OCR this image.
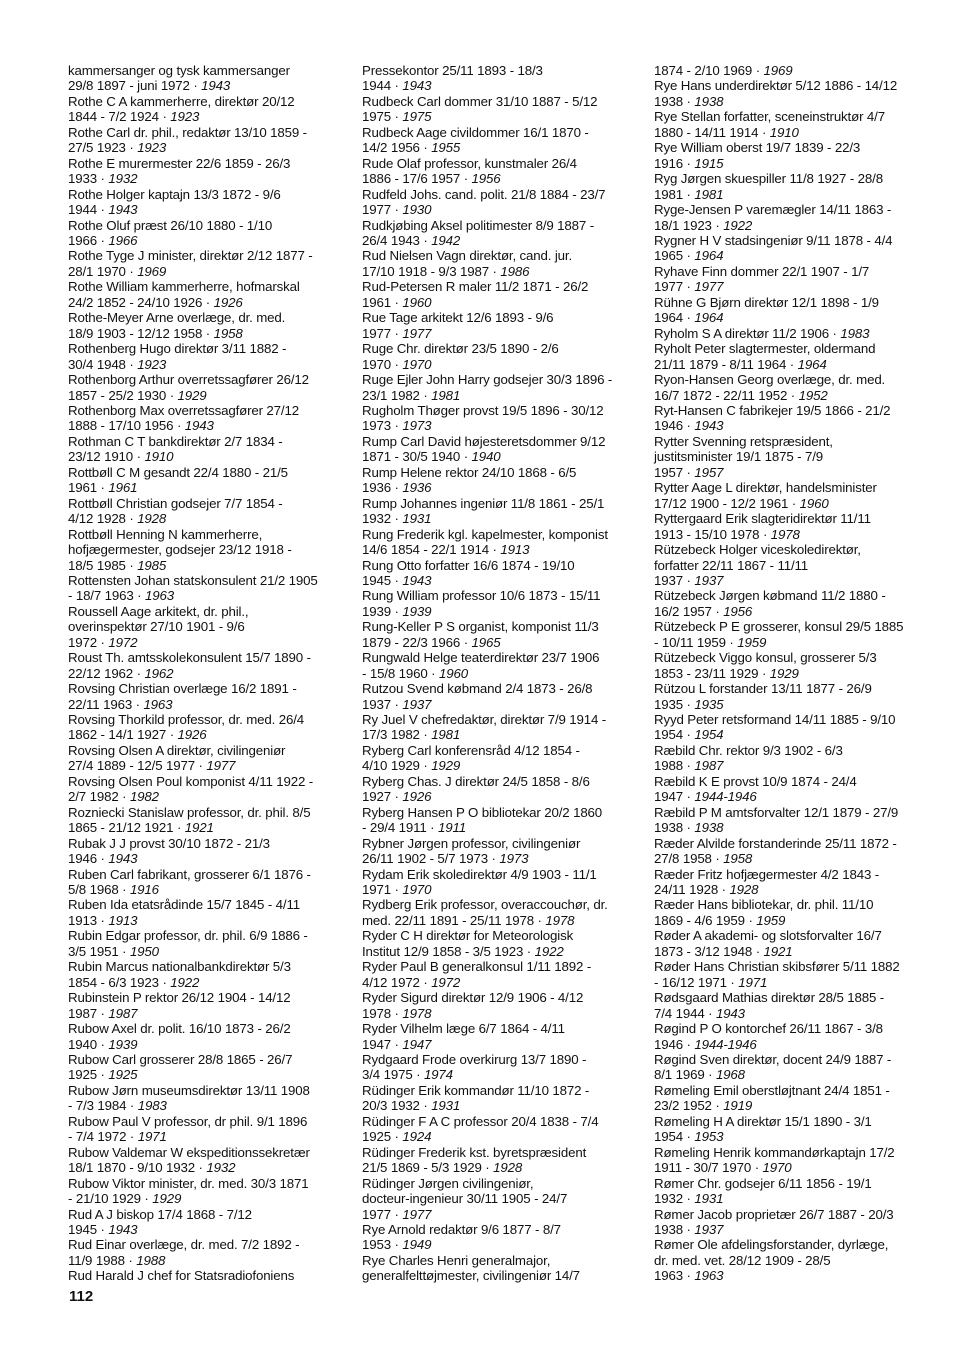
kammersanger og tysk kammersanger
29/8 1897 - juni 1972 · 1943
Rothe C A kammerherre, direktør 20/12
1844 - 7/2 1924 · 1923
Rothe Carl dr. phil., redaktør 13/10 1859 -
27/5 1923 · 1923
Rothe E murermester 22/6 1859 - 26/3
1933 · 1932
Rothe Holger kaptajn 13/3 1872 - 9/6
1944 · 1943
Rothe Oluf præst 26/10 1880 - 1/10
1966 · 1966
Rothe Tyge J minister, direktør 2/12 1877 -
28/1 1970 · 1969
Rothe William kammerherre, hofmarskal
24/2 1852 - 24/10 1926 · 1926
Rothe-Meyer Arne overlæge, dr. med.
18/9 1903 - 12/12 1958 · 1958
Rothenberg Hugo direktør 3/11 1882 -
30/4 1948 · 1923
Rothenborg Arthur overretssagfører 26/12
1857 - 25/2 1930 · 1929
Rothenborg Max overretssagfører 27/12
1888 - 17/10 1956 · 1943
Rothman C T bankdirektør 2/7 1834 -
23/12 1910 · 1910
Rottbøll C M gesandt 22/4 1880 - 21/5
1961 · 1961
Rottbøll Christian godsejer 7/7 1854 -
4/12 1928 · 1928
Rottbøll Henning N kammerherre,
hofjægermester, godsejer 23/12 1918 -
18/5 1985 · 1985
Rottensten Johan statskonsulent 21/2 1905
- 18/7 1963 · 1963
Roussell Aage arkitekt, dr. phil.,
overinspektør 27/10 1901 - 9/6
1972 · 1972
Roust Th. amtsskolekonsulent 15/7 1890 -
22/12 1962 · 1962
Rovsing Christian overlæge 16/2 1891 -
22/11 1963 · 1963
Rovsing Thorkild professor, dr. med. 26/4
1862 - 14/1 1927 · 1926
Rovsing Olsen A direktør, civilingeniør
27/4 1889 - 12/5 1977 · 1977
Rovsing Olsen Poul komponist 4/11 1922 -
2/7 1982 · 1982
Rozniecki Stanislaw professor, dr. phil. 8/5
1865 - 21/12 1921 · 1921
Rubak J J provst 30/10 1872 - 21/3
1946 · 1943
Ruben Carl fabrikant, grosserer 6/1 1876 -
5/8 1968 · 1916
Ruben Ida etatsrådinde 15/7 1845 - 4/11
1913 · 1913
Rubin Edgar professor, dr. phil. 6/9 1886 -
3/5 1951 · 1950
Rubin Marcus nationalbankdirektør 5/3
1854 - 6/3 1923 · 1922
Rubinstein P rektor 26/12 1904 - 14/12
1987 · 1987
Rubow Axel dr. polit. 16/10 1873 - 26/2
1940 · 1939
Rubow Carl grosserer 28/8 1865 - 26/7
1925 · 1925
Rubow Jørn museumsdirektør 13/11 1908
- 7/3 1984 · 1983
Rubow Paul V professor, dr phil. 9/1 1896
- 7/4 1972 · 1971
Rubow Valdemar W ekspeditionssekretær
18/1 1870 - 9/10 1932 · 1932
Rubow Viktor minister, dr. med. 30/3 1871
- 21/10 1929 · 1929
Rud A J biskop 17/4 1868 - 7/12
1945 · 1943
Rud Einar overlæge, dr. med. 7/2 1892 -
11/9 1988 · 1988
Rud Harald J chef for Statsradiofoniens
Pressekontor 25/11 1893 - 18/3
1944 · 1943
Rudbeck Carl dommer 31/10 1887 - 5/12
1975 · 1975
Rudbeck Aage civildommer 16/1 1870 -
14/2 1956 · 1955
Rude Olaf professor, kunstmaler 26/4
1886 - 17/6 1957 · 1956
Rudfeld Johs. cand. polit. 21/8 1884 - 23/7
1977 · 1930
Rudkjøbing Aksel politimester 8/9 1887 -
26/4 1943 · 1942
Rud Nielsen Vagn direktør, cand. jur.
17/10 1918 - 9/3 1987 · 1986
Rud-Petersen R maler 11/2 1871 - 26/2
1961 · 1960
Rue Tage arkitekt 12/6 1893 - 9/6
1977 · 1977
Ruge Chr. direktør 23/5 1890 - 2/6
1970 · 1970
Ruge Ejler John Harry godsejer 30/3 1896 -
23/1 1982 · 1981
Rugholm Thøger provst 19/5 1896 - 30/12
1973 · 1973
Rump Carl David højesteretsdommer 9/12
1871 - 30/5 1940 · 1940
Rump Helene rektor 24/10 1868 - 6/5
1936 · 1936
Rump Johannes ingeniør 11/8 1861 - 25/1
1932 · 1931
Rung Frederik kgl. kapelmester, komponist
14/6 1854 - 22/1 1914 · 1913
Rung Otto forfatter 16/6 1874 - 19/10
1945 · 1943
Rung William professor 10/6 1873 - 15/11
1939 · 1939
Rung-Keller P S organist, komponist 11/3
1879 - 22/3 1966 · 1965
Rungwald Helge teaterdirektør 23/7 1906
- 15/8 1960 · 1960
Rutzou Svend købmand 2/4 1873 - 26/8
1937 · 1937
Ry Juel V chefredaktør, direktør 7/9 1914 -
17/3 1982 · 1981
Ryberg Carl konferensråd 4/12 1854 -
4/10 1929 · 1929
Ryberg Chas. J direktør 24/5 1858 - 8/6
1927 · 1926
Ryberg Hansen P O bibliotekar 20/2 1860
- 29/4 1911 · 1911
Rybner Jørgen professor, civilingeniør
26/11 1902 - 5/7 1973 · 1973
Rydam Erik skoledirektør 4/9 1903 - 11/1
1971 · 1970
Rydberg Erik professor, overaccouchør, dr.
med. 22/11 1891 - 25/11 1978 · 1978
Ryder C H direktør for Meteorologisk
Institut 12/9 1858 - 3/5 1923 · 1922
Ryder Paul B generalkonsul 1/11 1892 -
4/12 1972 · 1972
Ryder Sigurd direktør 12/9 1906 - 4/12
1978 · 1978
Ryder Vilhelm læge 6/7 1864 - 4/11
1947 · 1947
Rydgaard Frode overkirurg 13/7 1890 -
3/4 1975 · 1974
Rüdinger Erik kommandør 11/10 1872 -
20/3 1932 · 1931
Rüdinger F A C professor 20/4 1838 - 7/4
1925 · 1924
Rüdinger Frederik kst. byretspræsident
21/5 1869 - 5/3 1929 · 1928
Rüdinger Jørgen civilingeniør,
docteur-ingenieur 30/11 1905 - 24/7
1977 · 1977
Rye Arnold redaktør 9/6 1877 - 8/7
1953 · 1949
Rye Charles Henri generalmajor,
generalfelttøjmester, civilingeniør 14/7
1874 - 2/10 1969 · 1969
Rye Hans underdirektør 5/12 1886 - 14/12
1938 · 1938
Rye Stellan forfatter, sceneinstruktør 4/7
1880 - 14/11 1914 · 1910
Rye William oberst 19/7 1839 - 22/3
1916 · 1915
Ryg Jørgen skuespiller 11/8 1927 - 28/8
1981 · 1981
Ryge-Jensen P varemægler 14/11 1863 -
18/1 1923 · 1922
Rygner H V stadsingeniør 9/11 1878 - 4/4
1965 · 1964
Ryhave Finn dommer 22/1 1907 - 1/7
1977 · 1977
Rühne G Bjørn direktør 12/1 1898 - 1/9
1964 · 1964
Ryholm S A direktør 11/2 1906 · 1983
Ryholt Peter slagtermester, oldermand
21/11 1879 - 8/11 1964 · 1964
Ryon-Hansen Georg overlæge, dr. med.
16/7 1872 - 22/11 1952 · 1952
Ryt-Hansen C fabrikejer 19/5 1866 - 21/2
1946 · 1943
Rytter Svenning retspræsident,
justitsminister 19/1 1875 - 7/9
1957 · 1957
Rytter Aage L direktør, handelsminister
17/12 1900 - 12/2 1961 · 1960
Ryttergaard Erik slagteridirektør 11/11
1913 - 15/10 1978 · 1978
Rützebeck Holger viceskoledirektør,
forfatter 22/11 1867 - 11/11
1937 · 1937
Rützebeck Jørgen købmand 11/2 1880 -
16/2 1957 · 1956
Rützebeck P E grosserer, konsul 29/5 1885
- 10/11 1959 · 1959
Rützebeck Viggo konsul, grosserer 5/3
1853 - 23/11 1929 · 1929
Rützou L forstander 13/11 1877 - 26/9
1935 · 1935
Ryyd Peter retsformand 14/11 1885 - 9/10
1954 · 1954
Ræbild Chr. rektor 9/3 1902 - 6/3
1988 · 1987
Ræbild K E provst 10/9 1874 - 24/4
1947 · 1944-1946
Ræbild P M amtsforvalter 12/1 1879 - 27/9
1938 · 1938
Ræder Alvilde forstanderinde 25/11 1872 -
27/8 1958 · 1958
Ræder Fritz hofjægermester 4/2 1843 -
24/11 1928 · 1928
Ræder Hans bibliotekar, dr. phil. 11/10
1869 - 4/6 1959 · 1959
Røder A akademi- og slotsforvalter 16/7
1873 - 3/12 1948 · 1921
Røder Hans Christian skibsfører 5/11 1882
- 16/12 1971 · 1971
Rødsgaard Mathias direktør 28/5 1885 -
7/4 1944 · 1943
Røgind P O kontorchef 26/11 1867 - 3/8
1946 · 1944-1946
Røgind Sven direktør, docent 24/9 1887 -
8/1 1969 · 1968
Rømeling Emil oberstløjtnant 24/4 1851 -
23/2 1952 · 1919
Rømeling H A direktør 15/1 1890 - 3/1
1954 · 1953
Rømeling Henrik kommandørkaptajn 17/2
1911 - 30/7 1970 · 1970
Rømer Chr. godsejer 6/11 1856 - 19/1
1932 · 1931
Rømer Jacob proprietær 26/7 1887 - 20/3
1938 · 1937
Rømer Ole afdelingsforstander, dyrlæge,
dr. med. vet. 28/12 1909 - 28/5
1963 · 1963
112
